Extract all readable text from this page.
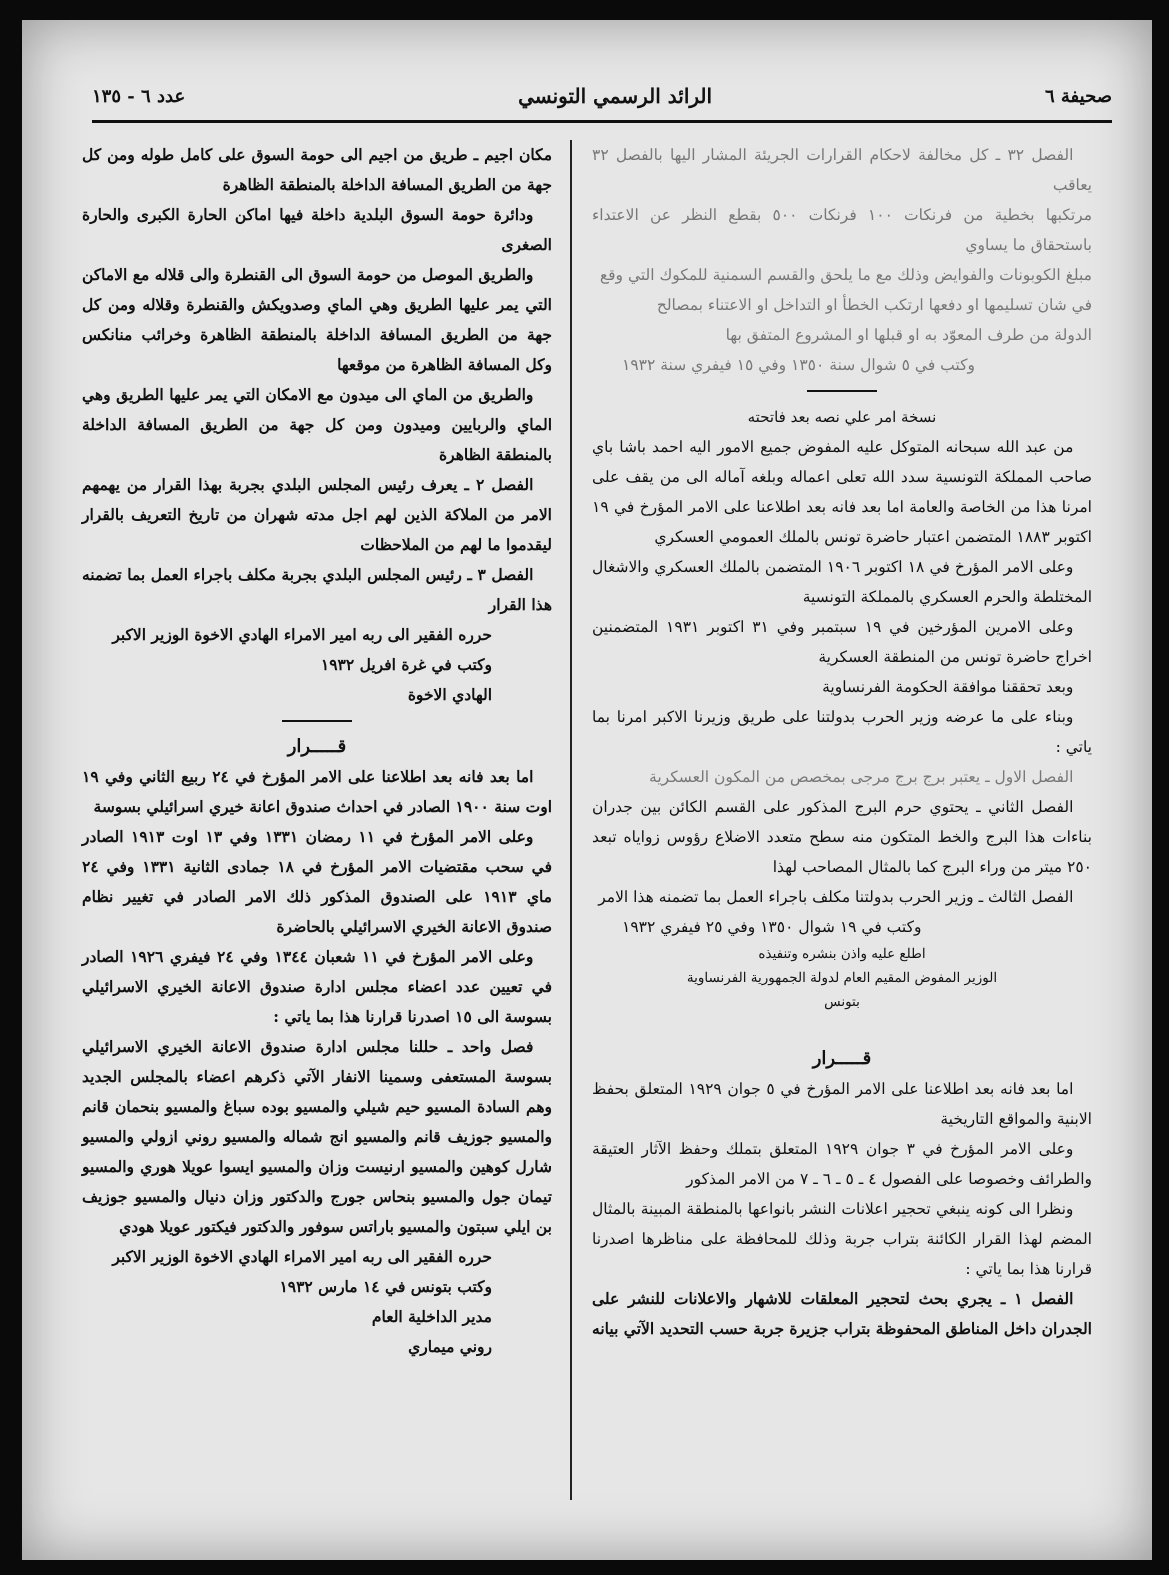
صحيفة ٦
الرائد الرسمي التونسي
عدد ٦ - ١٣٥

الفصل ٣٢ ـ كل مخالفة لاحكام القرارات الجريئة المشار اليها بالفصل ٣٢ يعاقب

مرتكبها بخطية من فرنكات ١٠٠ فرنكات ٥٠٠ بقطع النظر عن الاعتداء باستحقاق ما يساوي

مبلغ الكوبونات والفوايض وذلك مع ما يلحق والقسم السمنية للمكوك التي وقع

في شان تسليمها او دفعها ارتكب الخطأ او التداخل او الاعتناء بمصالح

الدولة من طرف المعوّد به او قبلها او المشروع المتفق بها

وكتب في ٥ شوال سنة ١٣٥٠ وفي ١٥ فيفري سنة ١٩٣٢

نسخة امر علي نصه بعد فاتحته

من عبد الله سبحانه المتوكل عليه المفوض جميع الامور اليه احمد باشا باي صاحب المملكة التونسية سدد الله تعلى اعماله وبلغه آماله الى من يقف على امرنا هذا من الخاصة والعامة اما بعد فانه بعد اطلاعنا على الامر المؤرخ في ١٩ اكتوبر ١٨٨٣ المتضمن اعتبار حاضرة تونس بالملك العمومي العسكري

وعلى الامر المؤرخ في ١٨ اكتوبر ١٩٠٦ المتضمن بالملك العسكري والاشغال المختلطة والحرم العسكري بالمملكة التونسية

وعلى الامرين المؤرخين في ١٩ سبتمبر وفي ٣١ اكتوبر ١٩٣١ المتضمنين اخراج حاضرة تونس من المنطقة العسكرية

وبعد تحققنا موافقة الحكومة الفرنساوية

وبناء على ما عرضه وزير الحرب بدولتنا على طريق وزيرنا الاكبر امرنا بما ياتي :

الفصل الاول ـ يعتبر برج برج مرجى بمخصص من المكون العسكرية

الفصل الثاني ـ يحتوي حرم البرج المذكور على القسم الكائن بين جدران بناءات هذا البرج والخط المتكون منه سطح متعدد الاضلاع رؤوس زواياه تبعد ٢٥٠ ميتر من وراء البرج كما بالمثال المصاحب لهذا

الفصل الثالث ـ وزير الحرب بدولتنا مكلف باجراء العمل بما تضمنه هذا الامر

وكتب في ١٩ شوال ١٣٥٠ وفي ٢٥ فيفري ١٩٣٢

اطلع عليه واذن بنشره وتنفيذه

الوزير المفوض المقيم العام لدولة الجمهورية الفرنساوية

بتونس

قـــــرار

اما بعد فانه بعد اطلاعنا على الامر المؤرخ في ٥ جوان ١٩٢٩ المتعلق بحفظ الابنية والمواقع التاريخية

وعلى الامر المؤرخ في ٣ جوان ١٩٢٩ المتعلق بتملك وحفظ الآثار العتيقة والطرائف وخصوصا على الفصول ٤ ـ ٥ ـ ٦ ـ ٧ من الامر المذكور

ونظرا الى كونه ينبغي تحجير اعلانات النشر بانواعها بالمنطقة المبينة بالمثال المضم لهذا القرار الكائنة بتراب جربة وذلك للمحافظة على مناظرها اصدرنا قرارنا هذا بما ياتي :

الفصل ١ ـ يجري بحث لتحجير المعلقات للاشهار والاعلانات للنشر على الجدران داخل المناطق المحفوظة بتراب جزيرة جربة حسب التحديد الآتي بيانه

مكان اجيم ـ طريق من اجيم الى حومة السوق على كامل طوله ومن كل جهة من الطريق المسافة الداخلة بالمنطقة الظاهرة

ودائرة حومة السوق البلدية داخلة فيها اماكن الحارة الكبرى والحارة الصغرى

والطريق الموصل من حومة السوق الى القنطرة والى قلاله مع الاماكن التي يمر عليها الطريق وهي الماي وصدويكش والقنطرة وقلاله ومن كل جهة من الطريق المسافة الداخلة بالمنطقة الظاهرة وخرائب منانكس وكل المسافة الظاهرة من موقعها

والطريق من الماي الى ميدون مع الامكان التي يمر عليها الطريق وهي الماي والربايين وميدون ومن كل جهة من الطريق المسافة الداخلة بالمنطقة الظاهرة

الفصل ٢ ـ يعرف رئيس المجلس البلدي بجربة بهذا القرار من يهمهم الامر من الملاكة الذين لهم اجل مدته شهران من تاريخ التعريف بالقرار ليقدموا ما لهم من الملاحظات

الفصل ٣ ـ رئيس المجلس البلدي بجربة مكلف باجراء العمل بما تضمنه هذا القرار

حرره الفقير الى ربه امير الامراء الهادي الاخوة الوزير الاكبر

وكتب في غرة افريل ١٩٣٢

الهادي الاخوة

قـــــرار

اما بعد فانه بعد اطلاعنا على الامر المؤرخ في ٢٤ ربيع الثاني وفي ١٩ اوت سنة ١٩٠٠ الصادر في احداث صندوق اعانة خيري اسرائيلي بسوسة

وعلى الامر المؤرخ في ١١ رمضان ١٣٣١ وفي ١٣ اوت ١٩١٣ الصادر في سحب مقتضيات الامر المؤرخ في ١٨ جمادى الثانية ١٣٣١ وفي ٢٤ ماي ١٩١٣ على الصندوق المذكور ذلك الامر الصادر في تغيير نظام صندوق الاعانة الخيري الاسرائيلي بالحاضرة

وعلى الامر المؤرخ في ١١ شعبان ١٣٤٤ وفي ٢٤ فيفري ١٩٢٦ الصادر في تعيين عدد اعضاء مجلس ادارة صندوق الاعانة الخيري الاسرائيلي بسوسة الى ١٥ اصدرنا قرارنا هذا بما ياتي :

فصل واحد ـ حللنا مجلس ادارة صندوق الاعانة الخيري الاسرائيلي بسوسة المستعفى وسمينا الانفار الآتي ذكرهم اعضاء بالمجلس الجديد وهم السادة المسيو حيم شيلي والمسيو بوده سباغ والمسيو بنحمان قانم والمسيو جوزيف قانم والمسيو انج شماله والمسيو روني ازولي والمسيو شارل كوهين والمسيو ارنيست وزان والمسيو ايسوا عويلا هوري والمسيو تيمان جول والمسيو بنحاس جورج والدكتور وزان دنيال والمسيو جوزيف بن ايلي سبتون والمسيو باراتس سوفور والدكتور فيكتور عويلا هودي

حرره الفقير الى ربه امير الامراء الهادي الاخوة الوزير الاكبر

وكتب بتونس في ١٤ مارس ١٩٣٢

مدير الداخلية العام

روني ميماري
